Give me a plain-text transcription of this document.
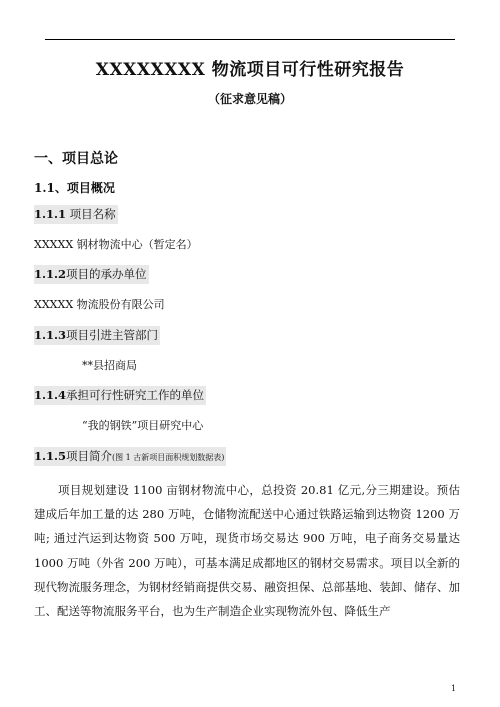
XXXXXXXX 物流项目可行性研究报告
（征求意见稿）
一、项目总论
1.1、项目概况
1.1.1 项目名称
XXXXX 钢材物流中心（暂定名）
1.1.2项目的承办单位
XXXXX 物流股份有限公司
1.1.3项目引进主管部门
**县招商局
1.1.4承担可行性研究工作的单位
“我的钢铁”项目研究中心
1.1.5项目简介(图 1 古新项目面积规划数据表)
项目规划建设 1100 亩钢材物流中心，总投资 20.81 亿元,分三期建设。预估建成后年加工量的达 280 万吨，仓储物流配送中心通过铁路运输到达物资 1200 万吨; 通过汽运到达物资 500 万吨，现货市场交易达 900 万吨，电子商务交易量达 1000 万吨（外省 200 万吨），可基本满足成都地区的钢材交易需求。项目以全新的现代物流服务理念，为钢材经销商提供交易、融资担保、总部基地、装卸、储存、加工、配送等物流服务平台，也为生产制造企业实现物流外包、降低生产
1
